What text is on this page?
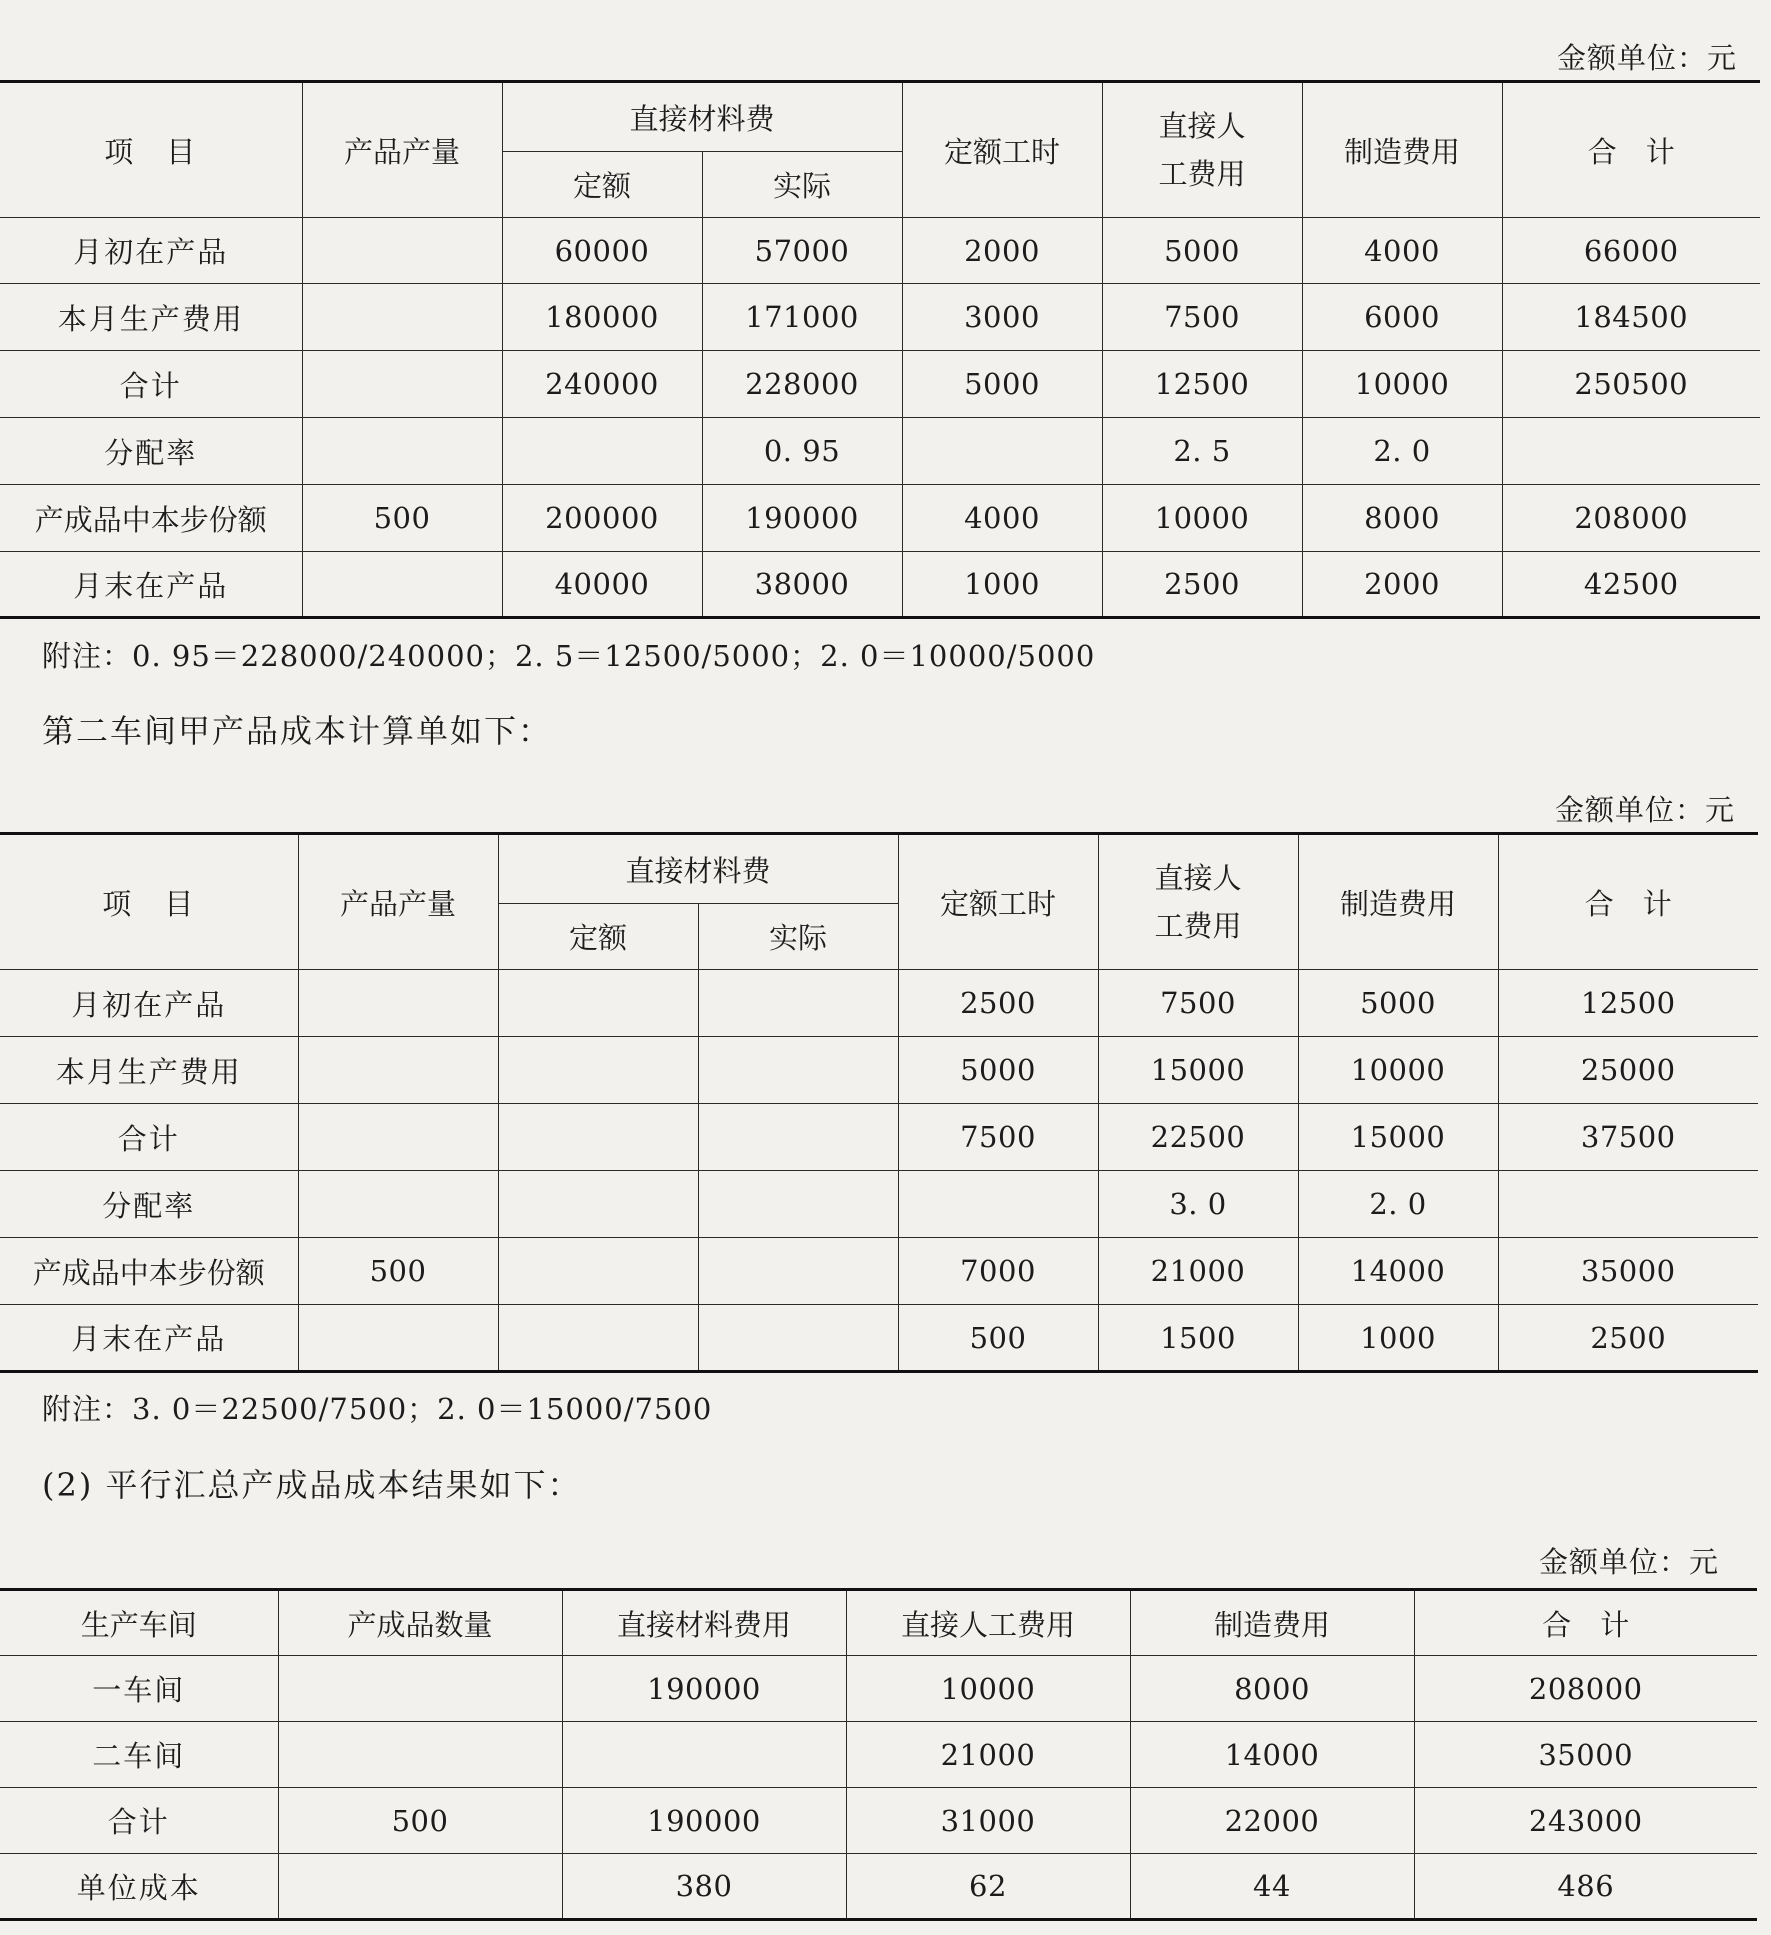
金额单位：元
项　目	产品产量	直接材料费		定额工时	直接人
工费用	制造费用	合　计
		定额	实际				
月初在产品		60000	57000	2000	5000	4000	66000
本月生产费用		180000	171000	3000	7500	6000	184500
合计		240000	228000	5000	12500	10000	250500
分配率			0. 95		2. 5	2. 0	
产成品中本步份额	500	200000	190000	4000	10000	8000	208000
月末在产品		40000	38000	1000	2500	2000	42500
附注：0. 95＝228000/240000；2. 5＝12500/5000；2. 0＝10000/5000
第二车间甲产品成本计算单如下：
金额单位：元
项　目	产品产量	直接材料费		定额工时	直接人
工费用	制造费用	合　计
		定额	实际				
月初在产品				2500	7500	5000	12500
本月生产费用				5000	15000	10000	25000
合计				7500	22500	15000	37500
分配率					3. 0	2. 0	
产成品中本步份额	500			7000	21000	14000	35000
月末在产品				500	1500	1000	2500
附注：3. 0＝22500/7500；2. 0＝15000/7500
(2) 平行汇总产成品成本结果如下：
金额单位：元
生产车间	产成品数量	直接材料费用	直接人工费用	制造费用	合　计
一车间		190000	10000	8000	208000
二车间			21000	14000	35000
合计	500	190000	31000	22000	243000
单位成本		380	62	44	486
